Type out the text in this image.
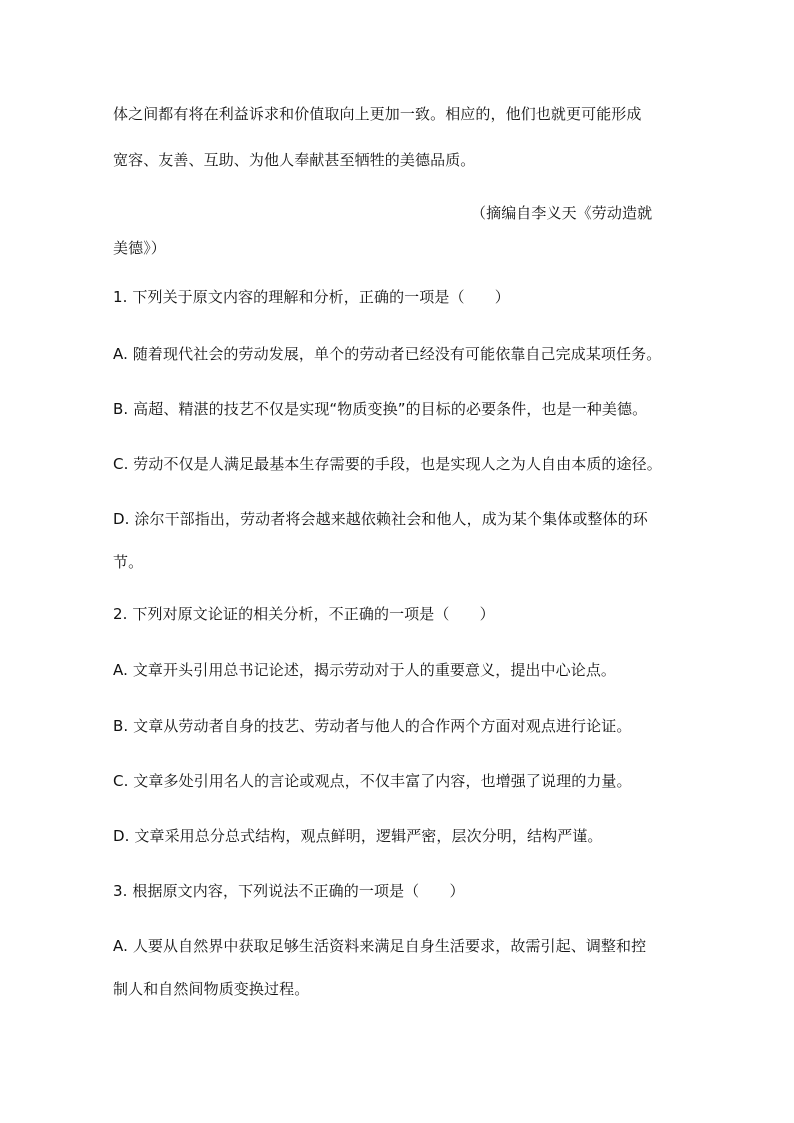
体之间都有将在利益诉求和价值取向上更加一致。相应的，他们也就更可能形成
宽容、友善、互助、为他人奉献甚至牺牲的美德品质。
（摘编自李义天《劳动造就
美德》）
1. 下列关于原文内容的理解和分析，正确的一项是（　　）
A. 随着现代社会的劳动发展，单个的劳动者已经没有可能依靠自己完成某项任务。
B. 高超、精湛的技艺不仅是实现“物质变换”的目标的必要条件，也是一种美德。
C. 劳动不仅是人满足最基本生存需要的手段，也是实现人之为人自由本质的途径。
D. 涂尔干部指出，劳动者将会越来越依赖社会和他人，成为某个集体或整体的环
节。
2. 下列对原文论证的相关分析，不正确的一项是（　　）
A. 文章开头引用总书记论述，揭示劳动对于人的重要意义，提出中心论点。
B. 文章从劳动者自身的技艺、劳动者与他人的合作两个方面对观点进行论证。
C. 文章多处引用名人的言论或观点，不仅丰富了内容，也增强了说理的力量。
D. 文章采用总分总式结构，观点鲜明，逻辑严密，层次分明，结构严谨。
3. 根据原文内容，下列说法不正确的一项是（　　）
A. 人要从自然界中获取足够生活资料来满足自身生活要求，故需引起、调整和控
制人和自然间物质变换过程。
